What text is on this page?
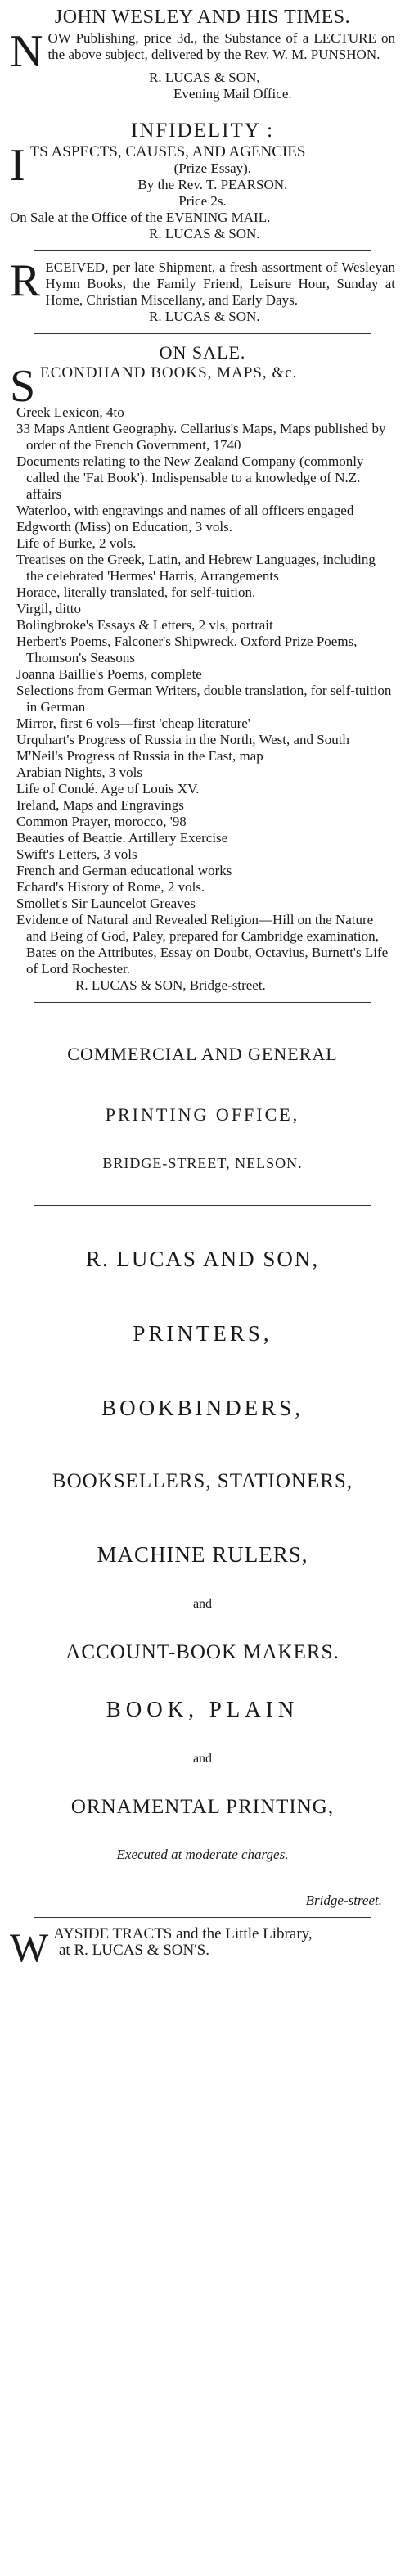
JOHN WESLEY AND HIS TIMES.
N OW Publishing, price 3d., the Substance of a LECTURE on the above subject, delivered by the Rev. W. M. PUNSHON.
R. LUCAS & SON,
Evening Mail Office.
INFIDELITY :
I TS ASPECTS, CAUSES, AND AGENCIES
(Prize Essay).
By the Rev. T. PEARSON.
Price 2s.
On Sale at the Office of the EVENING MAIL.
R. LUCAS & SON.
R ECEIVED, per late Shipment, a fresh assortment of Wesleyan Hymn Books, the Family Friend, Leisure Hour, Sunday at Home, Christian Miscellany, and Early Days.
R. LUCAS & SON.
ON SALE.
S ECONDHAND BOOKS, MAPS, &c.
Greek Lexicon, 4to
33 Maps Antient Geography. Cellarius's Maps, Maps published by order of the French Government, 1740
Documents relating to the New Zealand Company (commonly called the 'Fat Book'). Indispensable to a knowledge of N.Z. affairs
Waterloo, with engravings and names of all officers engaged
Edgworth (Miss) on Education, 3 vols.
Life of Burke, 2 vols.
Treatises on the Greek, Latin, and Hebrew Languages, including the celebrated 'Hermes' Harris, Arrangements
Horace, literally translated, for self-tuition.
Virgil, ditto
Bolingbroke's Essays & Letters, 2 vls, portrait
Herbert's Poems, Falconer's Shipwreck. Oxford Prize Poems, Thomson's Seasons
Joanna Baillie's Poems, complete
Selections from German Writers, double translation, for self-tuition in German
Mirror, first 6 vols—first 'cheap literature'
Urquhart's Progress of Russia in the North, West, and South
M'Neil's Progress of Russia in the East, map
Arabian Nights, 3 vols
Life of Condé. Age of Louis XV.
Ireland, Maps and Engravings
Common Prayer, morocco, '98
Beauties of Beattie. Artillery Exercise
Swift's Letters, 3 vols
French and German educational works
Echard's History of Rome, 2 vols.
Smollet's Sir Launcelot Greaves
Evidence of Natural and Revealed Religion—Hill on the Nature and Being of God, Paley, prepared for Cambridge examination, Bates on the Attributes, Essay on Doubt, Octavius, Burnett's Life of Lord Rochester.
R. LUCAS & SON, Bridge-street.
COMMERCIAL AND GENERAL
PRINTING OFFICE,
BRIDGE-STREET, NELSON.
R. LUCAS AND SON,
PRINTERS,
BOOKBINDERS,
BOOKSELLERS, STATIONERS,
MACHINE RULERS,
and
ACCOUNT-BOOK MAKERS.
BOOK, PLAIN
and
ORNAMENTAL PRINTING,
Executed at moderate charges.
Bridge-street.
W AYSIDE TRACTS and the Little Library,
at R. LUCAS & SON'S.
